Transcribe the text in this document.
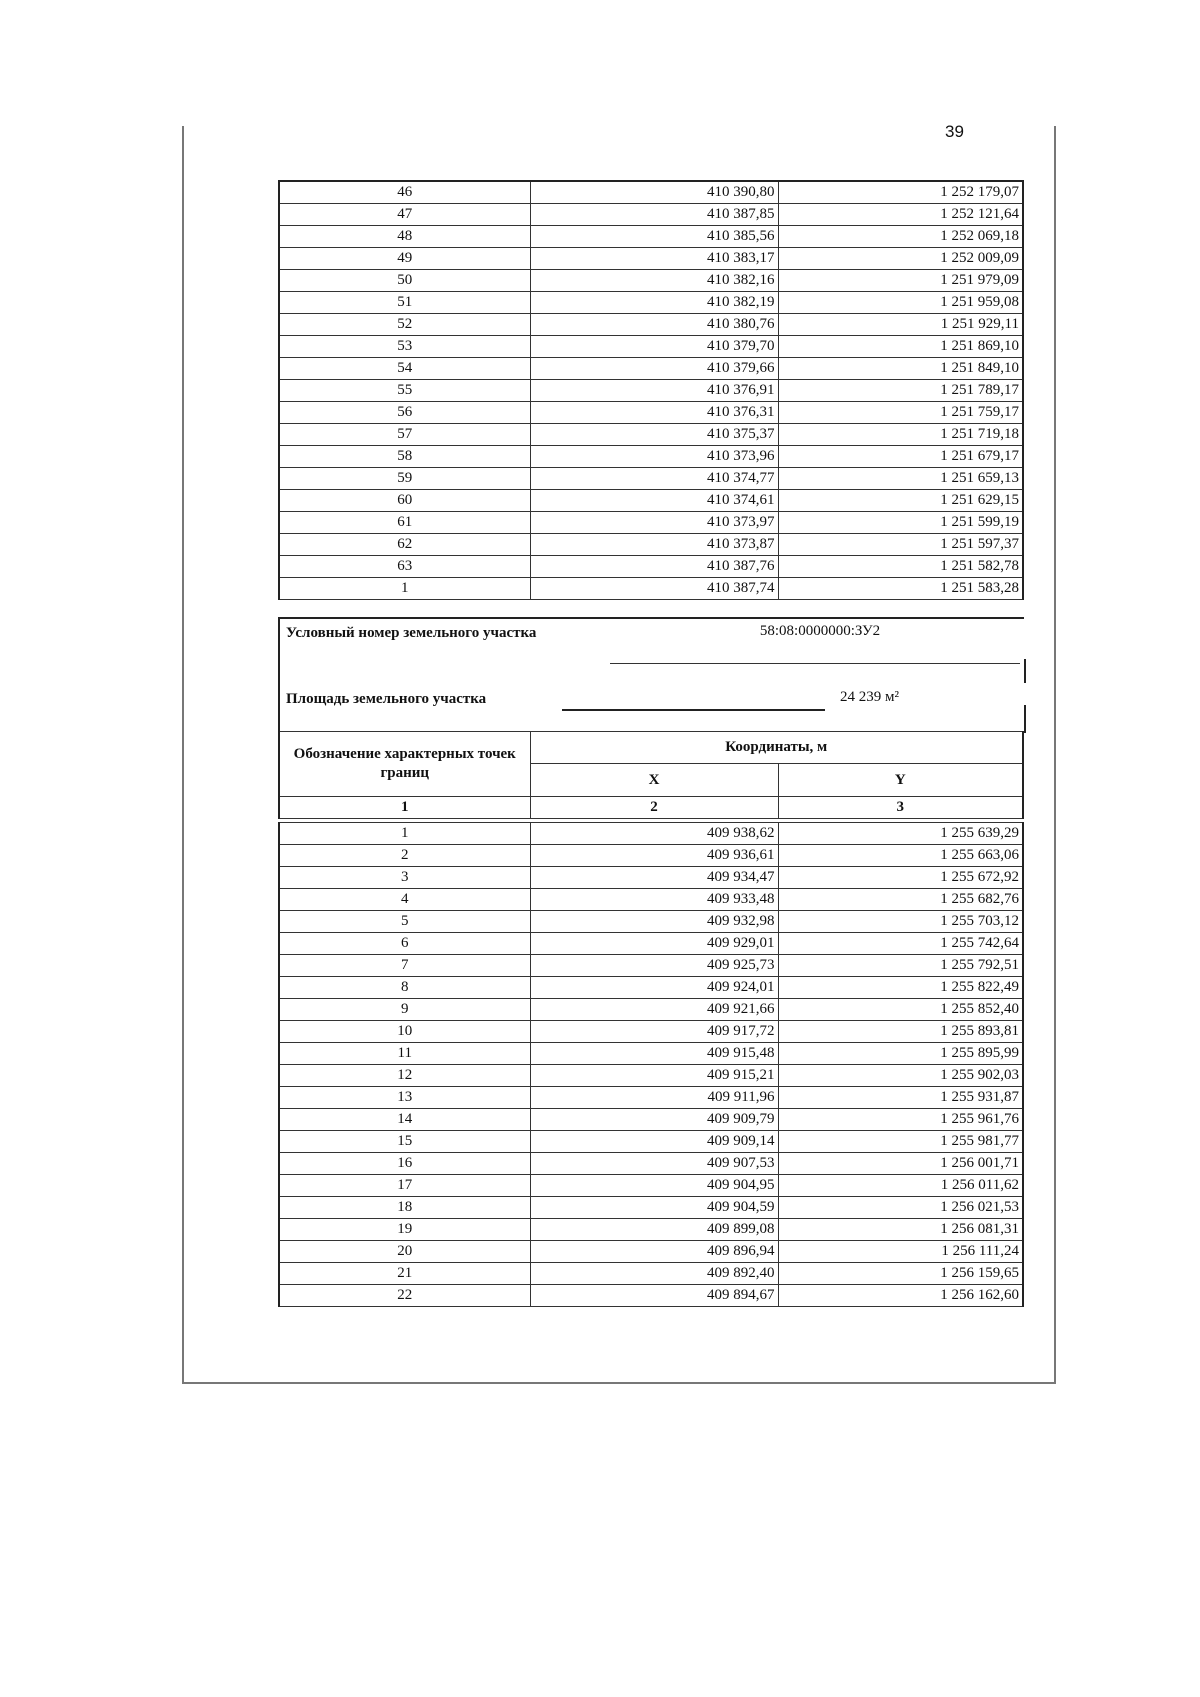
39
46	410 390,80	1 252 179,07
47	410 387,85	1 252 121,64
48	410 385,56	1 252 069,18
49	410 383,17	1 252 009,09
50	410 382,16	1 251 979,09
51	410 382,19	1 251 959,08
52	410 380,76	1 251 929,11
53	410 379,70	1 251 869,10
54	410 379,66	1 251 849,10
55	410 376,91	1 251 789,17
56	410 376,31	1 251 759,17
57	410 375,37	1 251 719,18
58	410 373,96	1 251 679,17
59	410 374,77	1 251 659,13
60	410 374,61	1 251 629,15
61	410 373,97	1 251 599,19
62	410 373,87	1 251 597,37
63	410 387,76	1 251 582,78
1	410 387,74	1 251 583,28
Условный номер земельного участка	58:08:0000000:ЗУ2
Площадь земельного участка	24 239 м²
Обозначение характерных точек границ	Координаты, м	
	X	Y
1	2	3
1	409 938,62	1 255 639,29
2	409 936,61	1 255 663,06
3	409 934,47	1 255 672,92
4	409 933,48	1 255 682,76
5	409 932,98	1 255 703,12
6	409 929,01	1 255 742,64
7	409 925,73	1 255 792,51
8	409 924,01	1 255 822,49
9	409 921,66	1 255 852,40
10	409 917,72	1 255 893,81
11	409 915,48	1 255 895,99
12	409 915,21	1 255 902,03
13	409 911,96	1 255 931,87
14	409 909,79	1 255 961,76
15	409 909,14	1 255 981,77
16	409 907,53	1 256 001,71
17	409 904,95	1 256 011,62
18	409 904,59	1 256 021,53
19	409 899,08	1 256 081,31
20	409 896,94	1 256 111,24
21	409 892,40	1 256 159,65
22	409 894,67	1 256 162,60
